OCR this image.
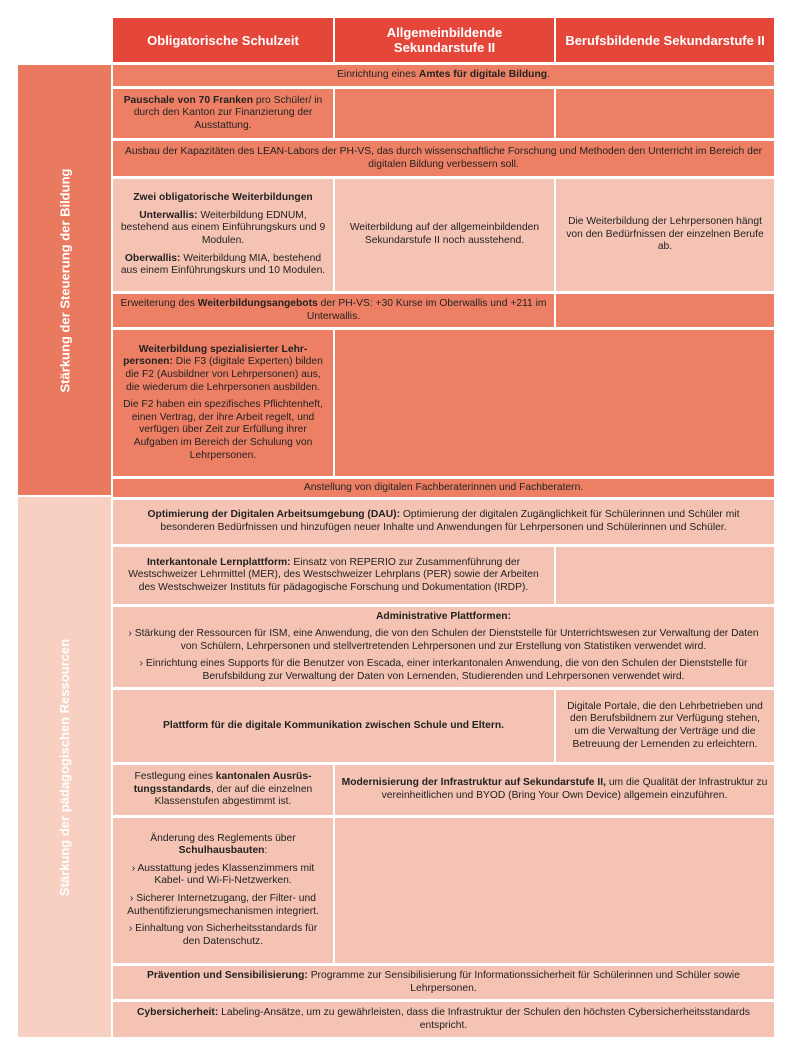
Obligatorische Schulzeit	Allgemeinbildende Sekundarstufe II	Berufsbildende Sekundarstufe II
Stärkung der Steuerung der Bildung
Stärkung der pädagogischen Ressourcen

Einrichtung eines Amtes für digitale Bildung.

Pauschale von 70 Franken pro Schüler/ in durch den Kanton zur Finanzierung der Ausstattung.

Ausbau der Kapazitäten des LEAN-Labors der PH-VS, das durch wissenschaftliche Forschung und Methoden den Unterricht im Bereich der digitalen Bildung verbessern soll.

Zwei obligatorische Weiterbildungen

Unterwallis: Weiterbildung EDNUM, bestehend aus einem Einführungskurs und 9 Modulen.

Oberwallis: Weiterbildung MIA, bestehend aus einem Einführungskurs und 10 Modulen.

Weiterbildung auf der allgemeinbildenden Sekundarstufe II noch ausstehend.

Die Weiterbildung der Lehrpersonen hängt von den Bedürfnissen der einzelnen Berufe ab.

Erweiterung des Weiterbildungsangebots der PH-VS: +30 Kurse im Oberwallis und +211 im Unterwallis.

Weiterbildung spezialisierter Lehrpersonen: Die F3 (digitale Experten) bilden die F2 (Ausbildner von Lehrpersonen) aus, die wiederum die Lehrpersonen ausbilden.

Die F2 haben ein spezifisches Pflichtenheft, einen Vertrag, der ihre Arbeit regelt, und verfügen über Zeit zur Erfüllung ihrer Aufgaben im Bereich der Schulung von Lehrpersonen.

Anstellung von digitalen Fachberaterinnen und Fachberatern.

Optimierung der Digitalen Arbeitsumgebung (DAU): Optimierung der digitalen Zugänglichkeit für Schülerinnen und Schüler mit besonderen Bedürfnissen und hinzufügen neuer Inhalte und Anwendungen für Lehrpersonen und Schülerinnen und Schüler.

Interkantonale Lernplattform: Einsatz von REPERIO zur Zusammenführung der Westschweizer Lehrmittel (MER), des Westschweizer Lehrplans (PER) sowie der Arbeiten des Westschweizer Instituts für pädagogische Forschung und Dokumentation (IRDP).

Administrative Plattformen:

› Stärkung der Ressourcen für ISM, eine Anwendung, die von den Schulen der Dienststelle für Unterrichtswesen zur Verwaltung der Daten von Schülern, Lehrpersonen und stellvertretenden Lehrpersonen und zur Erstellung von Statistiken verwendet wird.

› Einrichtung eines Supports für die Benutzer von Escada, einer interkantonalen Anwendung, die von den Schulen der Dienststelle für Berufsbildung zur Verwaltung der Daten von Lernenden, Studierenden und Lehrpersonen verwendet wird.

Plattform für die digitale Kommunikation zwischen Schule und Eltern.

Digitale Portale, die den Lehrbetrieben und den Berufsbildnern zur Verfügung stehen, um die Verwaltung der Verträge und die Betreuung der Lernenden zu erleichtern.

Festlegung eines kantonalen Ausrüstungsstandards, der auf die einzelnen Klassenstufen abgestimmt ist.

Modernisierung der Infrastruktur auf Sekundarstufe II, um die Qualität der Infrastruktur zu vereinheitlichen und BYOD (Bring Your Own Device) allgemein einzuführen.

Änderung des Reglements über Schulhausbauten:

› Ausstattung jedes Klassenzimmers mit Kabel- und Wi-Fi-Netzwerken.

› Sicherer Internetzugang, der Filter- und Authentifizierungsmechanismen integriert.

› Einhaltung von Sicherheitsstandards für den Datenschutz.

Prävention und Sensibilisierung: Programme zur Sensibilisierung für Informationssicherheit für Schülerinnen und Schüler sowie Lehrpersonen.

Cybersicherheit: Labeling-Ansätze, um zu gewährleisten, dass die Infrastruktur der Schulen den höchsten Cybersicherheitsstandards entspricht.
